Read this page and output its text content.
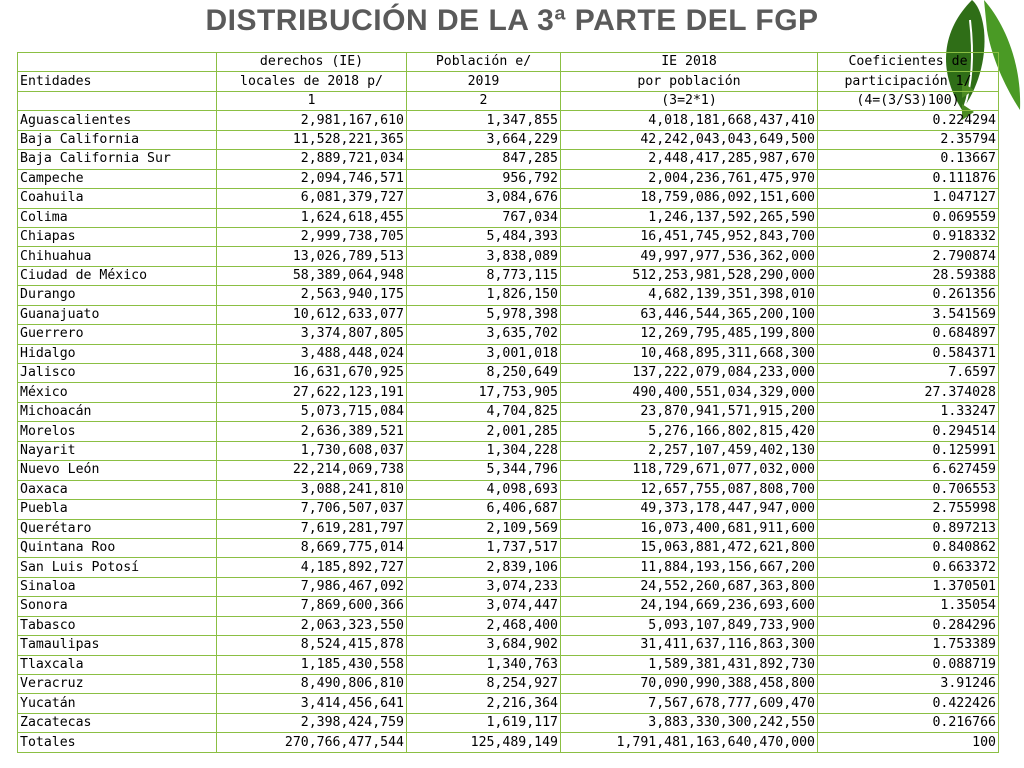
DISTRIBUCIÓN DE LA 3ª PARTE DEL FGP
	derechos (IE)	Población e/	IE 2018	Coeficientes de
Entidades	locales de 2018 p/	2019	por población	participación 1/
	1	2	(3=2*1)	(4=(3/S3)100)
Aguascalientes	2,981,167,610	1,347,855	4,018,181,668,437,410	0.224294
Baja California	11,528,221,365	3,664,229	42,242,043,043,649,500	2.35794
Baja California Sur	2,889,721,034	847,285	2,448,417,285,987,670	0.13667
Campeche	2,094,746,571	956,792	2,004,236,761,475,970	0.111876
Coahuila	6,081,379,727	3,084,676	18,759,086,092,151,600	1.047127
Colima	1,624,618,455	767,034	1,246,137,592,265,590	0.069559
Chiapas	2,999,738,705	5,484,393	16,451,745,952,843,700	0.918332
Chihuahua	13,026,789,513	3,838,089	49,997,977,536,362,000	2.790874
Ciudad de México	58,389,064,948	8,773,115	512,253,981,528,290,000	28.59388
Durango	2,563,940,175	1,826,150	4,682,139,351,398,010	0.261356
Guanajuato	10,612,633,077	5,978,398	63,446,544,365,200,100	3.541569
Guerrero	3,374,807,805	3,635,702	12,269,795,485,199,800	0.684897
Hidalgo	3,488,448,024	3,001,018	10,468,895,311,668,300	0.584371
Jalisco	16,631,670,925	8,250,649	137,222,079,084,233,000	7.6597
México	27,622,123,191	17,753,905	490,400,551,034,329,000	27.374028
Michoacán	5,073,715,084	4,704,825	23,870,941,571,915,200	1.33247
Morelos	2,636,389,521	2,001,285	5,276,166,802,815,420	0.294514
Nayarit	1,730,608,037	1,304,228	2,257,107,459,402,130	0.125991
Nuevo León	22,214,069,738	5,344,796	118,729,671,077,032,000	6.627459
Oaxaca	3,088,241,810	4,098,693	12,657,755,087,808,700	0.706553
Puebla	7,706,507,037	6,406,687	49,373,178,447,947,000	2.755998
Querétaro	7,619,281,797	2,109,569	16,073,400,681,911,600	0.897213
Quintana Roo	8,669,775,014	1,737,517	15,063,881,472,621,800	0.840862
San Luis Potosí	4,185,892,727	2,839,106	11,884,193,156,667,200	0.663372
Sinaloa	7,986,467,092	3,074,233	24,552,260,687,363,800	1.370501
Sonora	7,869,600,366	3,074,447	24,194,669,236,693,600	1.35054
Tabasco	2,063,323,550	2,468,400	5,093,107,849,733,900	0.284296
Tamaulipas	8,524,415,878	3,684,902	31,411,637,116,863,300	1.753389
Tlaxcala	1,185,430,558	1,340,763	1,589,381,431,892,730	0.088719
Veracruz	8,490,806,810	8,254,927	70,090,990,388,458,800	3.91246
Yucatán	3,414,456,641	2,216,364	7,567,678,777,609,470	0.422426
Zacatecas	2,398,424,759	1,619,117	3,883,330,300,242,550	0.216766
Totales	270,766,477,544	125,489,149	1,791,481,163,640,470,000	100
